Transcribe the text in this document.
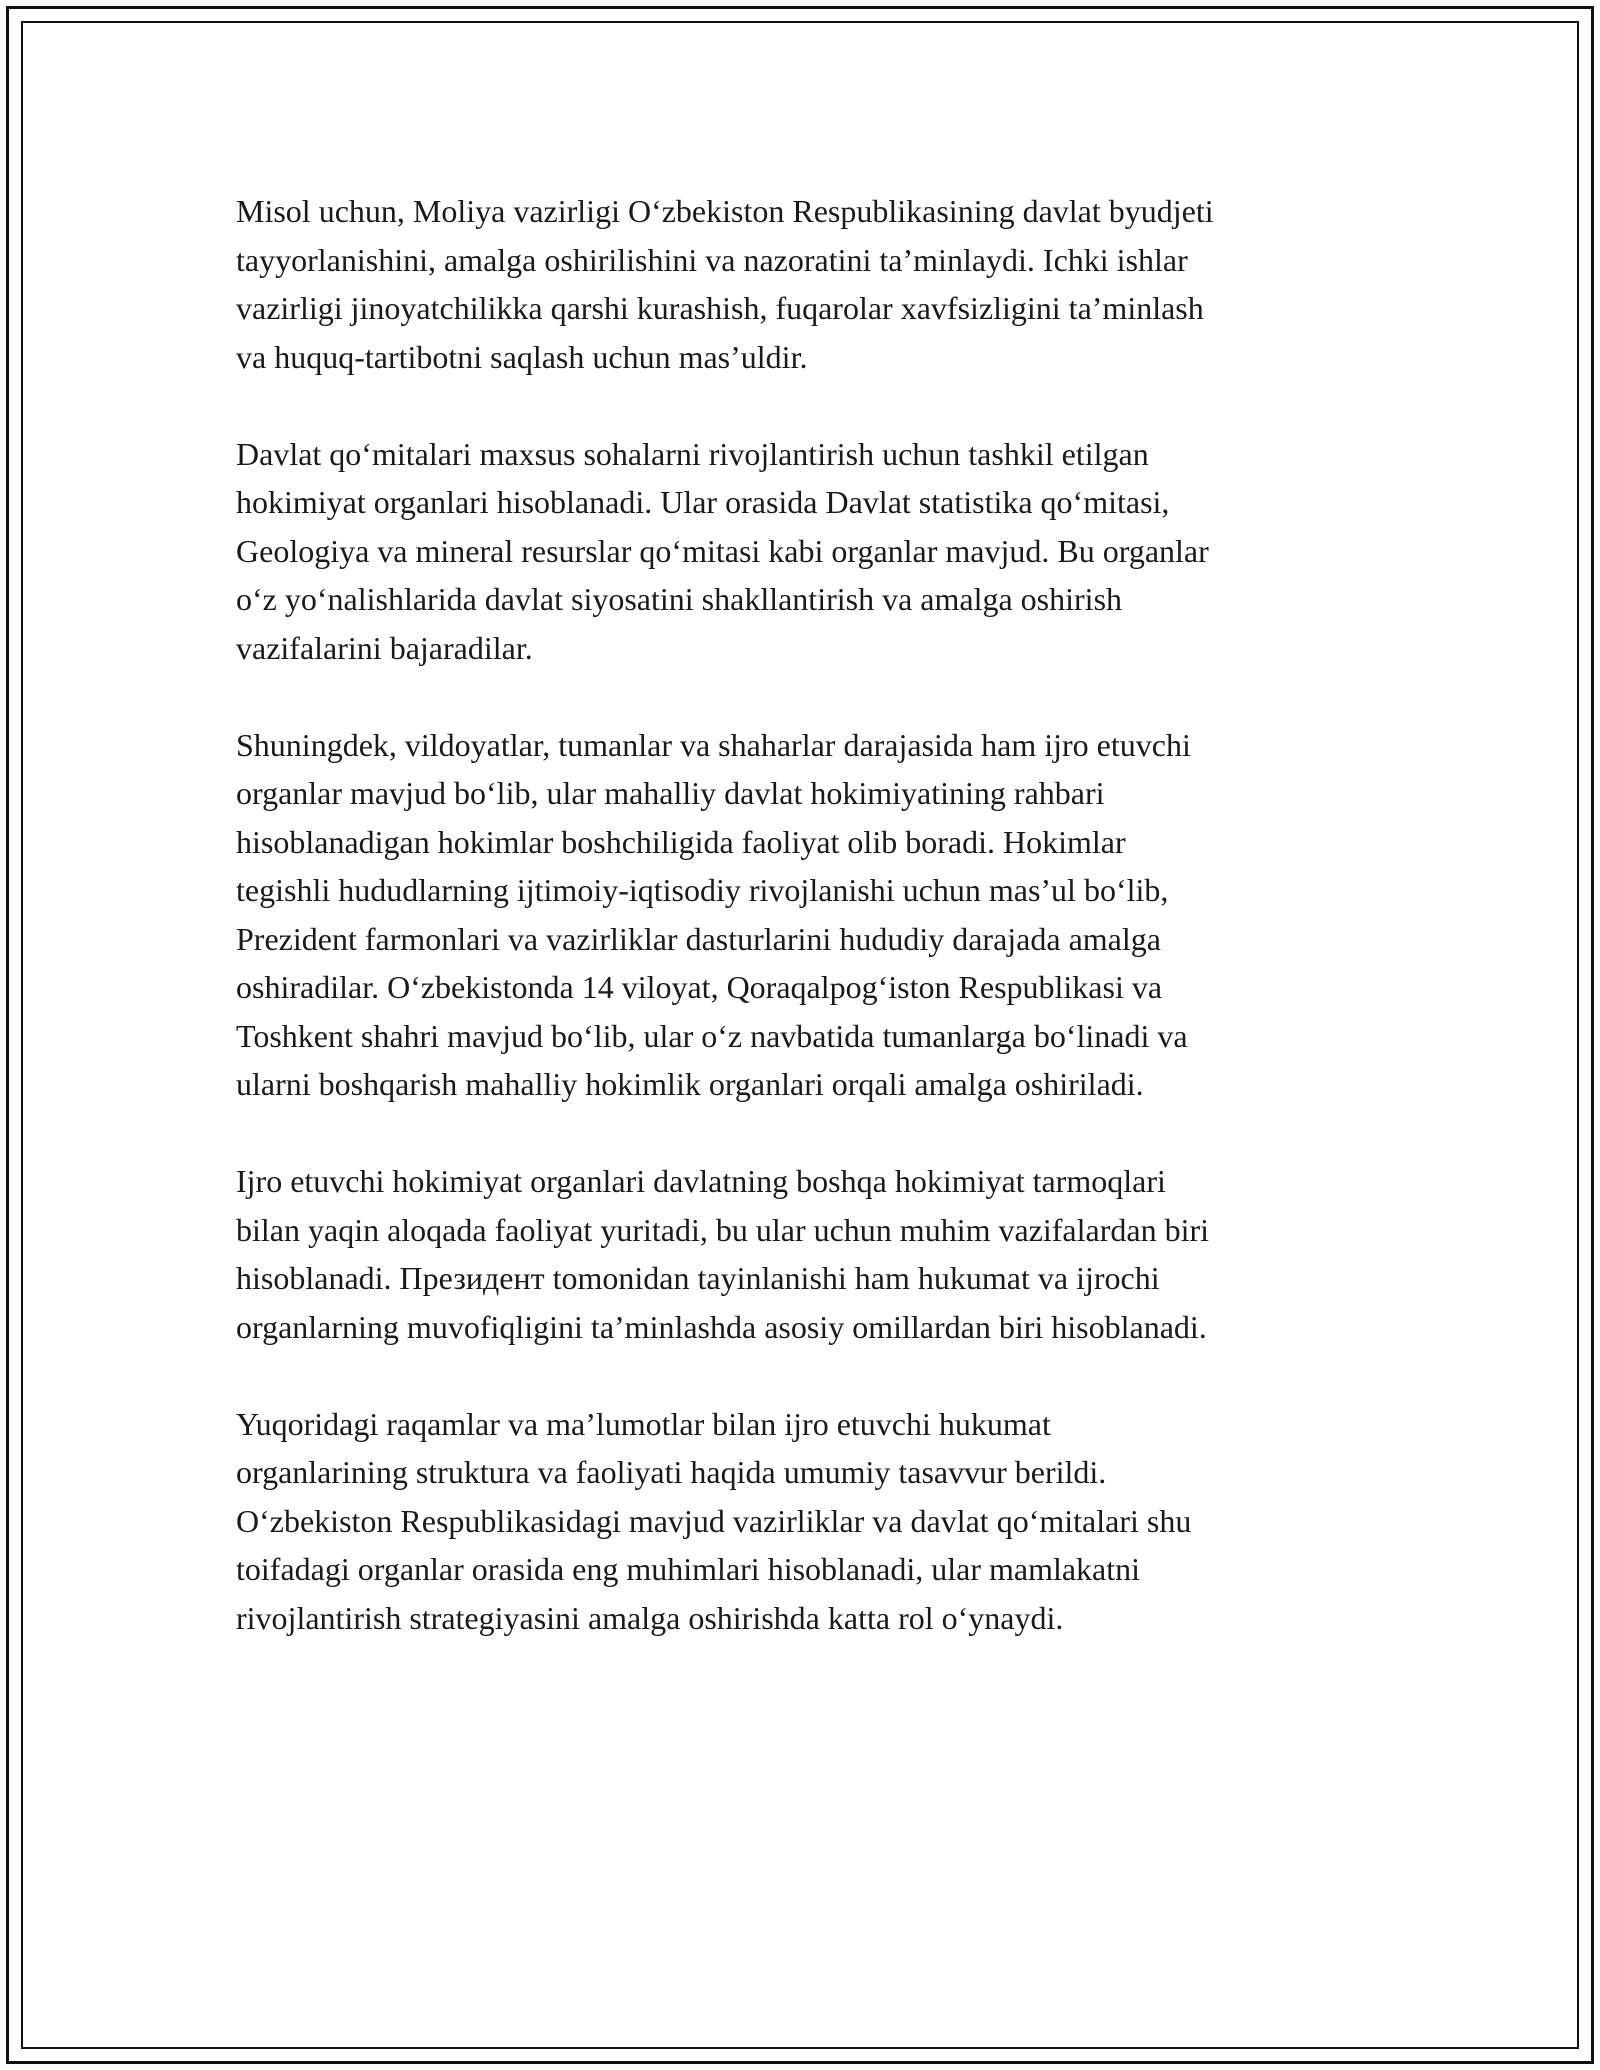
Misol uchun, Moliya vazirligi O‘zbekiston Respublikasining davlat byudjeti
tayyorlanishini, amalga oshirilishini va nazoratini ta’minlaydi. Ichki ishlar
vazirligi jinoyatchilikka qarshi kurashish, fuqarolar xavfsizligini ta’minlash
va huquq-tartibotni saqlash uchun mas’uldir.

Davlat qo‘mitalari maxsus sohalarni rivojlantirish uchun tashkil etilgan
hokimiyat organlari hisoblanadi. Ular orasida Davlat statistika qo‘mitasi,
Geologiya va mineral resurslar qo‘mitasi kabi organlar mavjud. Bu organlar
o‘z yo‘nalishlarida davlat siyosatini shakllantirish va amalga oshirish
vazifalarini bajaradilar.

Shuningdek, vildoyatlar, tumanlar va shaharlar darajasida ham ijro etuvchi
organlar mavjud bo‘lib, ular mahalliy davlat hokimiyatining rahbari
hisoblanadigan hokimlar boshchiligida faoliyat olib boradi. Hokimlar
tegishli hududlarning ijtimoiy-iqtisodiy rivojlanishi uchun mas’ul bo‘lib,
Prezident farmonlari va vazirliklar dasturlarini hududiy darajada amalga
oshiradilar. O‘zbekistonda 14 viloyat, Qoraqalpog‘iston Respublikasi va
Toshkent shahri mavjud bo‘lib, ular o‘z navbatida tumanlarga bo‘linadi va
ularni boshqarish mahalliy hokimlik organlari orqali amalga oshiriladi.

Ijro etuvchi hokimiyat organlari davlatning boshqa hokimiyat tarmoqlari
bilan yaqin aloqada faoliyat yuritadi, bu ular uchun muhim vazifalardan biri
hisoblanadi. Президент tomonidan tayinlanishi ham hukumat va ijrochi
organlarning muvofiqligini ta’minlashda asosiy omillardan biri hisoblanadi.

Yuqoridagi raqamlar va ma’lumotlar bilan ijro etuvchi hukumat
organlarining struktura va faoliyati haqida umumiy tasavvur berildi.
O‘zbekiston Respublikasidagi mavjud vazirliklar va davlat qo‘mitalari shu
toifadagi organlar orasida eng muhimlari hisoblanadi, ular mamlakatni
rivojlantirish strategiyasini amalga oshirishda katta rol o‘ynaydi.
